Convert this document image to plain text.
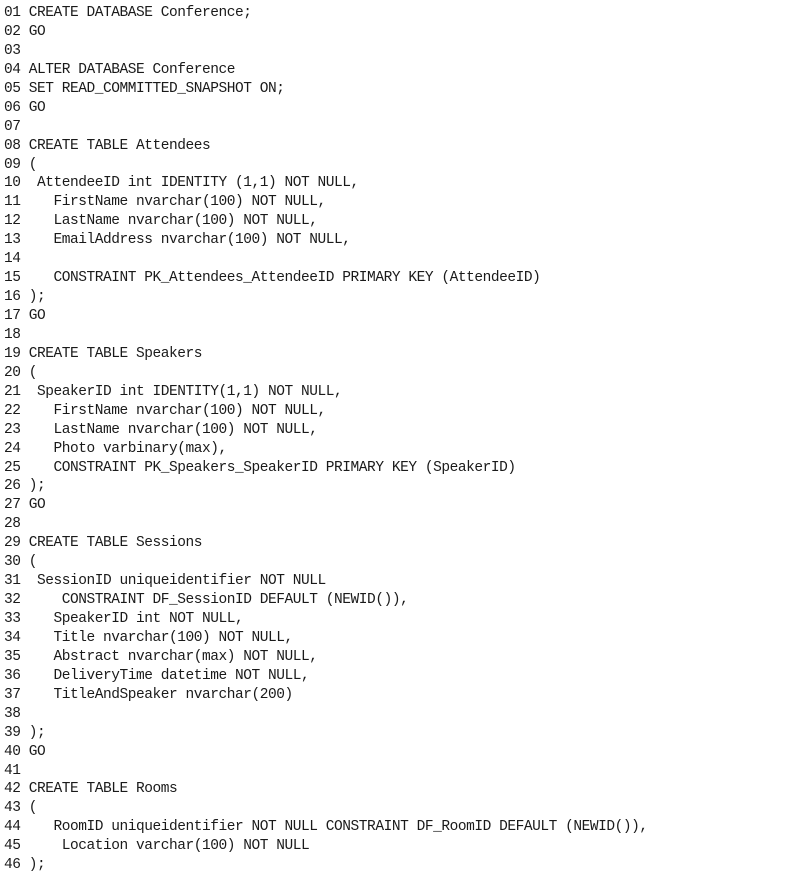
01 CREATE DATABASE Conference;
02 GO
03
04 ALTER DATABASE Conference
05 SET READ_COMMITTED_SNAPSHOT ON;
06 GO
07
08 CREATE TABLE Attendees
09 (
10  AttendeeID int IDENTITY (1,1) NOT NULL,
11    FirstName nvarchar(100) NOT NULL,
12    LastName nvarchar(100) NOT NULL,
13    EmailAddress nvarchar(100) NOT NULL,
14
15    CONSTRAINT PK_Attendees_AttendeeID PRIMARY KEY (AttendeeID)
16 );
17 GO
18
19 CREATE TABLE Speakers
20 (
21  SpeakerID int IDENTITY(1,1) NOT NULL,
22    FirstName nvarchar(100) NOT NULL,
23    LastName nvarchar(100) NOT NULL,
24    Photo varbinary(max),
25    CONSTRAINT PK_Speakers_SpeakerID PRIMARY KEY (SpeakerID)
26 );
27 GO
28
29 CREATE TABLE Sessions
30 (
31  SessionID uniqueidentifier NOT NULL
32     CONSTRAINT DF_SessionID DEFAULT (NEWID()),
33    SpeakerID int NOT NULL,
34    Title nvarchar(100) NOT NULL,
35    Abstract nvarchar(max) NOT NULL,
36    DeliveryTime datetime NOT NULL,
37    TitleAndSpeaker nvarchar(200)
38
39 );
40 GO
41
42 CREATE TABLE Rooms
43 (
44    RoomID uniqueidentifier NOT NULL CONSTRAINT DF_RoomID DEFAULT (NEWID()),
45     Location varchar(100) NOT NULL
46 );
